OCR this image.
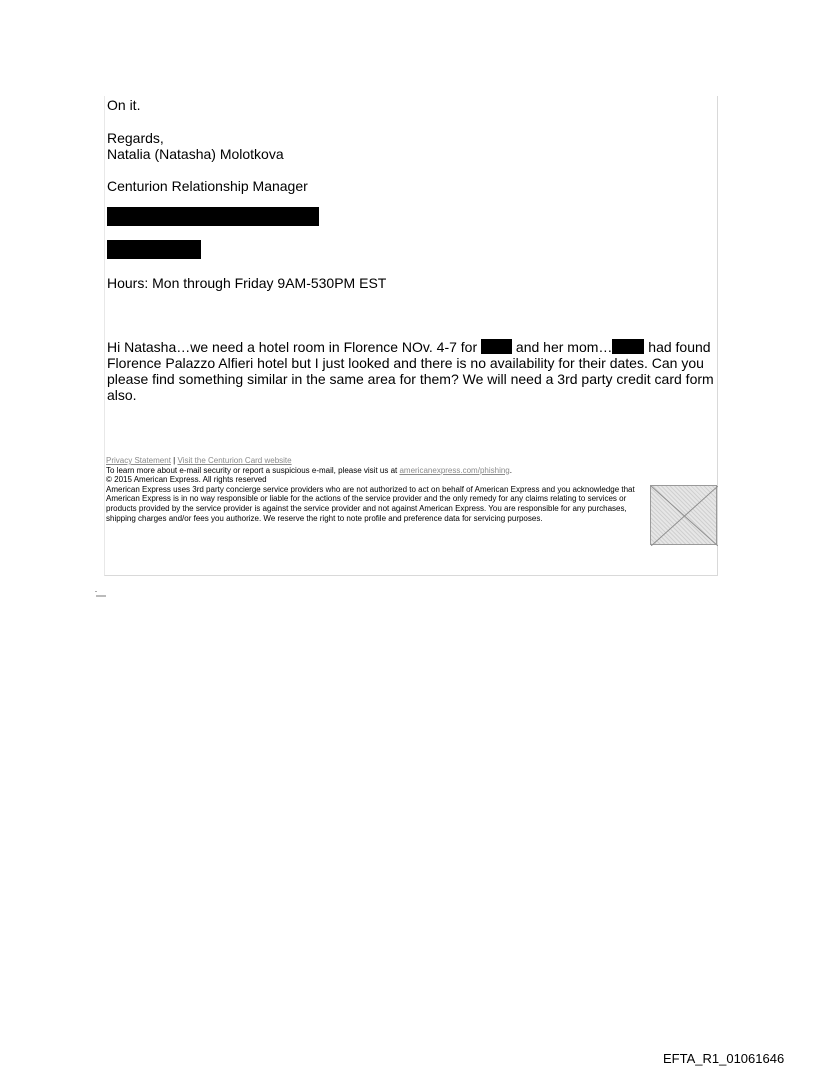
On it.
Regards,
Natalia (Natasha) Molotkova
Centurion Relationship Manager
Hours: Mon through Friday 9AM-530PM EST
Hi Natasha…we need a hotel room in Florence NOv. 4-7 for	and her mom…	had found Florence Palazzo Alfieri hotel but I just looked and there is no availability for their dates. Can you please find something similar in the same area for them? We will need a 3rd party credit card form also.
Privacy Statement | Visit the Centurion Card website
To learn more about e-mail security or report a suspicious e-mail, please visit us at americanexpress.com/phishing.
© 2015 American Express. All rights reserved

American Express uses 3rd party concierge service providers who are not authorized to act on behalf of American Express and you acknowledge that American Express is in no way responsible or liable for the actions of the service provider and the only remedy for any claims relating to services or products provided by the service provider is against the service provider and not against American Express. You are responsible for any purchases, shipping charges and/or fees you authorize. We reserve the right to note profile and preference data for servicing purposes.

EFTA_R1_01061646
